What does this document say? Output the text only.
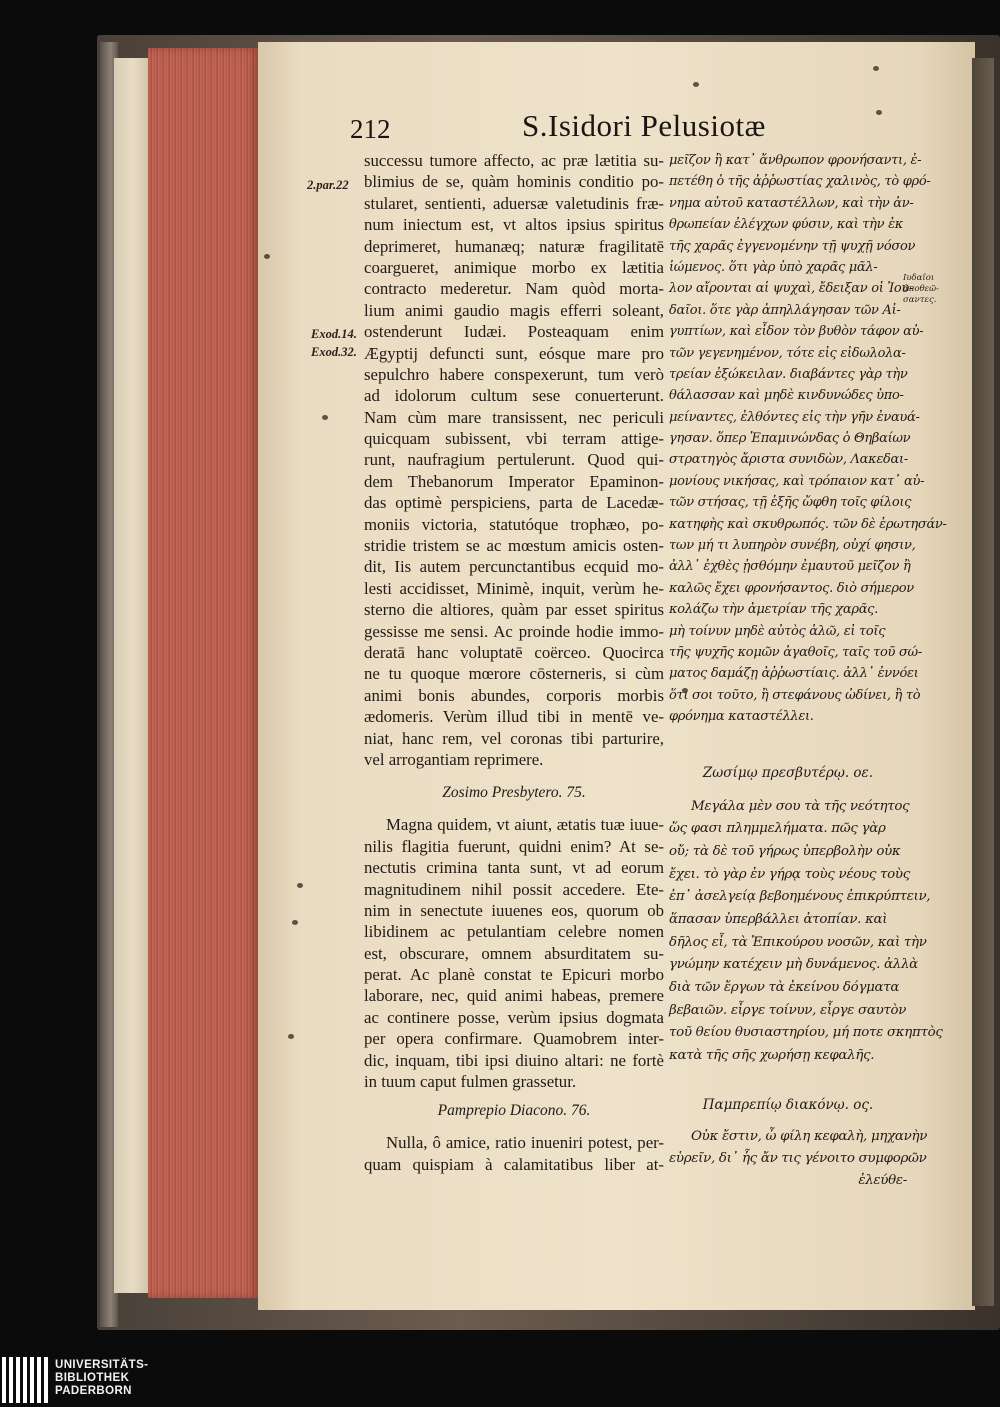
212	S.Isidori Pelusiotæ
2.par.22
Exod.14.
Exod.32.
Ιυδαῖοι
ἀποθεῶ-
σαντες.
successu tumore affecto, ac præ lætitia su-
blimius de se, quàm hominis conditio po-
stularet, sentienti, aduersæ valetudinis fræ-
num iniectum est, vt altos ipsius spiritus
deprimeret, humanæq; naturæ fragilitatē
coargueret, animique morbo ex lætitia
contracto mederetur. Nam quòd morta-
lium animi gaudio magis efferri soleant,
ostenderunt Iudæi. Posteaquam enim
Ægyptij defuncti sunt, eósque mare pro
sepulchro habere conspexerunt, tum verò
ad idolorum cultum sese conuerterunt.
Nam cùm mare transissent, nec periculi
quicquam subissent, vbi terram attige-
runt, naufragium pertulerunt. Quod qui-
dem Thebanorum Imperator Epaminon-
das optimè perspiciens, parta de Lacedæ-
moniis victoria, statutóque trophæo, po-
stridie tristem se ac mœstum amicis osten-
dit, Iis autem percunctantibus ecquid mo-
lesti accidisset, Minimè, inquit, verùm he-
sterno die altiores, quàm par esset spiritus
gessisse me sensi. Ac proinde hodie immo-
deratā hanc voluptatē coërceo. Quocirca
ne tu quoque mœrore cōsterneris, si cùm
animi bonis abundes, corporis morbis
ædomeris. Verùm illud tibi in mentē ve-
niat, hanc rem, vel coronas tibi parturire,
vel arrogantiam reprimere.
Zosimo Presbytero. 75.
Magna quidem, vt aiunt, ætatis tuæ iuue-
nilis flagitia fuerunt, quidni enim? At se-
nectutis crimina tanta sunt, vt ad eorum
magnitudinem nihil possit accedere. Ete-
nim in senectute iuuenes eos, quorum ob
libidinem ac petulantiam celebre nomen
est, obscurare, omnem absurditatem su-
perat. Ac planè constat te Epicuri morbo
laborare, nec, quid animi habeas, premere
ac continere posse, verùm ipsius dogmata
per opera confirmare. Quamobrem inter-
dic, inquam, tibi ipsi diuino altari: ne fortè
in tuum caput fulmen grassetur.
Pamprepio Diacono. 76.
Nulla, ô amice, ratio inueniri potest, per-
quam quispiam à calamitatibus liber at-
μεῖζον ἢ κατ᾿ ἄνθρωπον φρονήσαντι, ἐ-
πετέθη ὁ τῆς ἀῤῥωστίας χαλινὸς, τὸ φρό-
νημα αὐτοῦ καταστέλλων, καὶ τὴν ἀν-
θρωπείαν ἐλέγχων φύσιν, καὶ τὴν ἐκ
τῆς χαρᾶς ἐγγενομένην τῇ ψυχῇ νόσον
ἰώμενος. ὅτι γὰρ ὑπὸ χαρᾶς μᾶλ-
λον αἴρονται αἱ ψυχαὶ, ἔδειξαν οἱ Ἰου-
δαῖοι. ὅτε γὰρ ἀπηλλάγησαν τῶν Αἰ-
γυπτίων, καὶ εἶδον τὸν βυθὸν τάφον αὐ-
τῶν γεγενημένον, τότε εἰς εἰδωλολα-
τρείαν ἐξώκειλαν. διαβάντες γὰρ τὴν
θάλασσαν καὶ μηδὲ κινδυνώδες ὑπο-
μείναντες, ἐλθόντες εἰς τὴν γῆν ἐναυά-
γησαν. ὅπερ Ἐπαμινώνδας ὁ Θηβαίων
στρατηγὸς ἄριστα συνιδὼν, Λακεδαι-
μονίους νικήσας, καὶ τρόπαιον κατ᾿ αὐ-
τῶν στήσας, τῇ ἑξῆς ὤφθη τοῖς φίλοις
κατηφὴς καὶ σκυθρωπός. τῶν δὲ ἐρωτησάν-
των μή τι λυπηρὸν συνέβη, οὐχί φησιν,
ἀλλ᾿ ἐχθὲς ᾐσθόμην ἐμαυτοῦ μεῖζον ἢ
καλῶς ἔχει φρονήσαντος. διὸ σήμερον
κολάζω τὴν ἀμετρίαν τῆς χαρᾶς.
μὴ τοίνυν μηδὲ αὐτὸς ἀλῶ, εἰ τοῖς
τῆς ψυχῆς κομῶν ἀγαθοῖς, ταῖς τοῦ σώ-
ματος δαμάζῃ ἀῤῥωστίαις. ἀλλ᾿ ἐννόει
ὅτι σοι τοῦτο, ἢ στεφάνους ὠδίνει, ἢ τὸ
φρόνημα καταστέλλει.
Ζωσίμῳ πρεσβυτέρῳ. οε.
Μεγάλα μὲν σου τὰ τῆς νεότητος
ὥς φασι πλημμελήματα. πῶς γὰρ
οὔ; τὰ δὲ τοῦ γήρως ὑπερβολὴν οὐκ
ἔχει. τὸ γὰρ ἐν γήρᾳ τοὺς νέους τοὺς
ἐπ᾿ ἀσελγείᾳ βεβοημένους ἐπικρύπτειν,
ἅπασαν ὑπερβάλλει ἀτοπίαν. καὶ
δῆλος εἶ, τὰ Ἐπικούρου νοσῶν, καὶ τὴν
γνώμην κατέχειν μὴ δυνάμενος. ἀλλὰ
διὰ τῶν ἔργων τὰ ἐκείνου δόγματα
βεβαιῶν. εἶργε τοίνυν, εἶργε σαυτὸν
τοῦ θείου θυσιαστηρίου, μή ποτε σκηπτὸς
κατὰ τῆς σῆς χωρήσῃ κεφαλῆς.
Παμπρεπίῳ διακόνῳ. ος.
Οὐκ ἔστιν, ὦ φίλη κεφαλὴ, μηχανὴν
εὑρεῖν, δι᾿ ἧς ἄν τις γένοιτο συμφορῶν
ἐλεύθε-
UNIVERSITÄTS-
BIBLIOTHEK
PADERBORN
